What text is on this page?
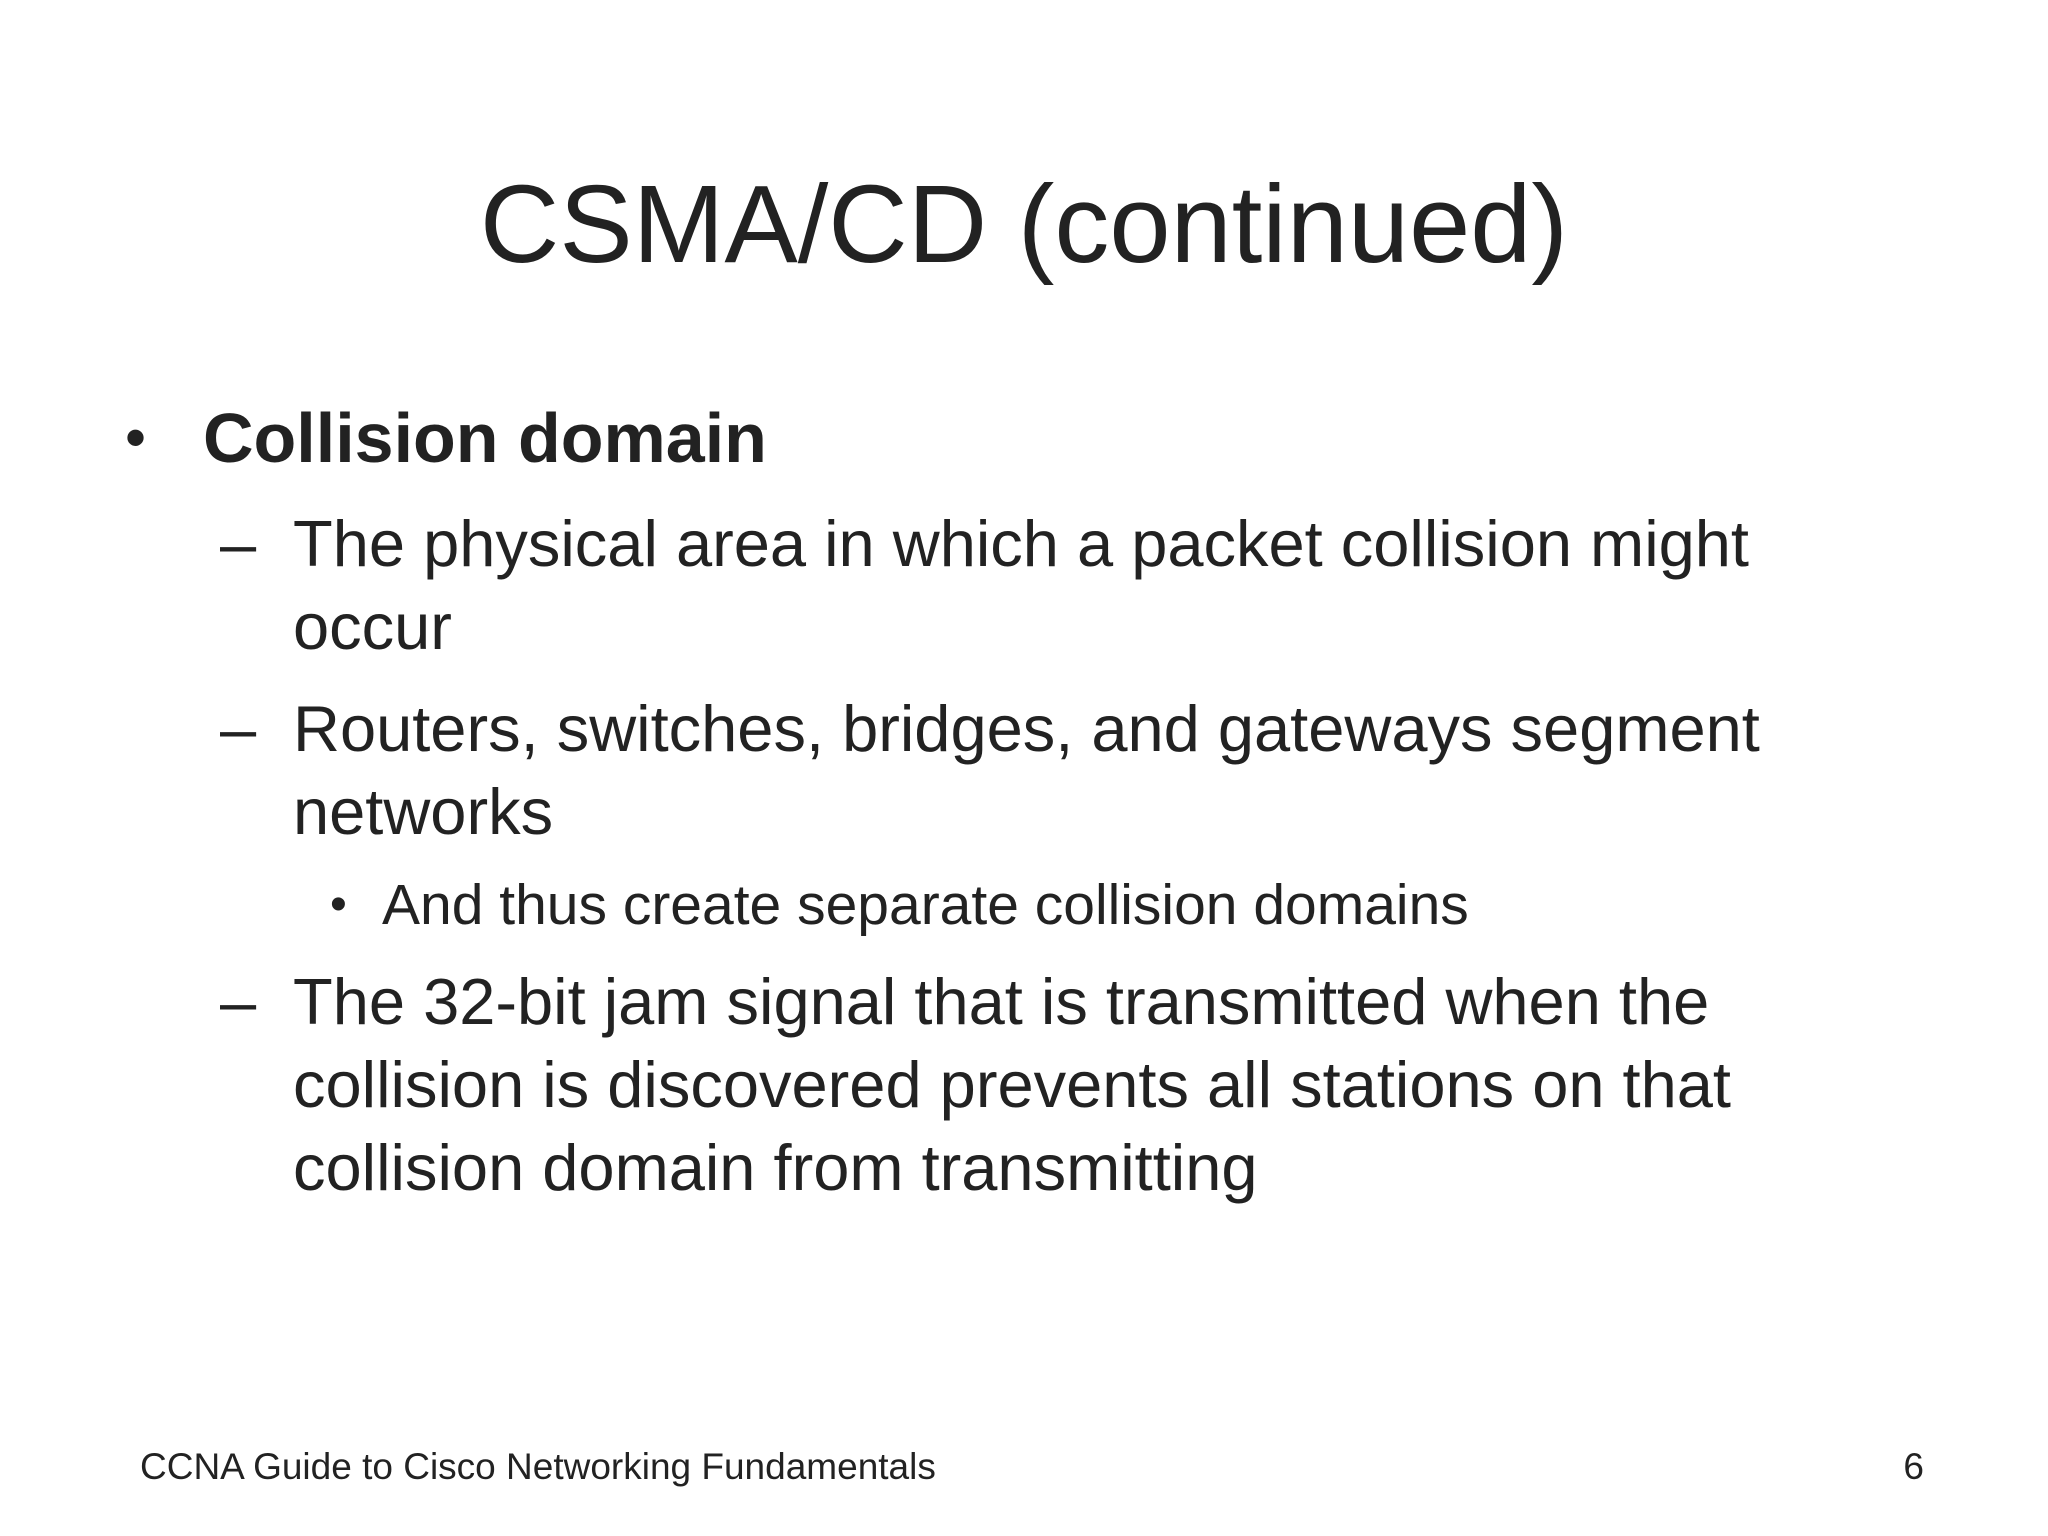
CSMA/CD (continued)
• Collision domain
– The physical area in which a packet collision might occur
– Routers, switches, bridges, and gateways segment networks
• And thus create separate collision domains
– The 32-bit jam signal that is transmitted when the collision is discovered prevents all stations on that collision domain from transmitting
CCNA Guide to Cisco Networking Fundamentals	6
